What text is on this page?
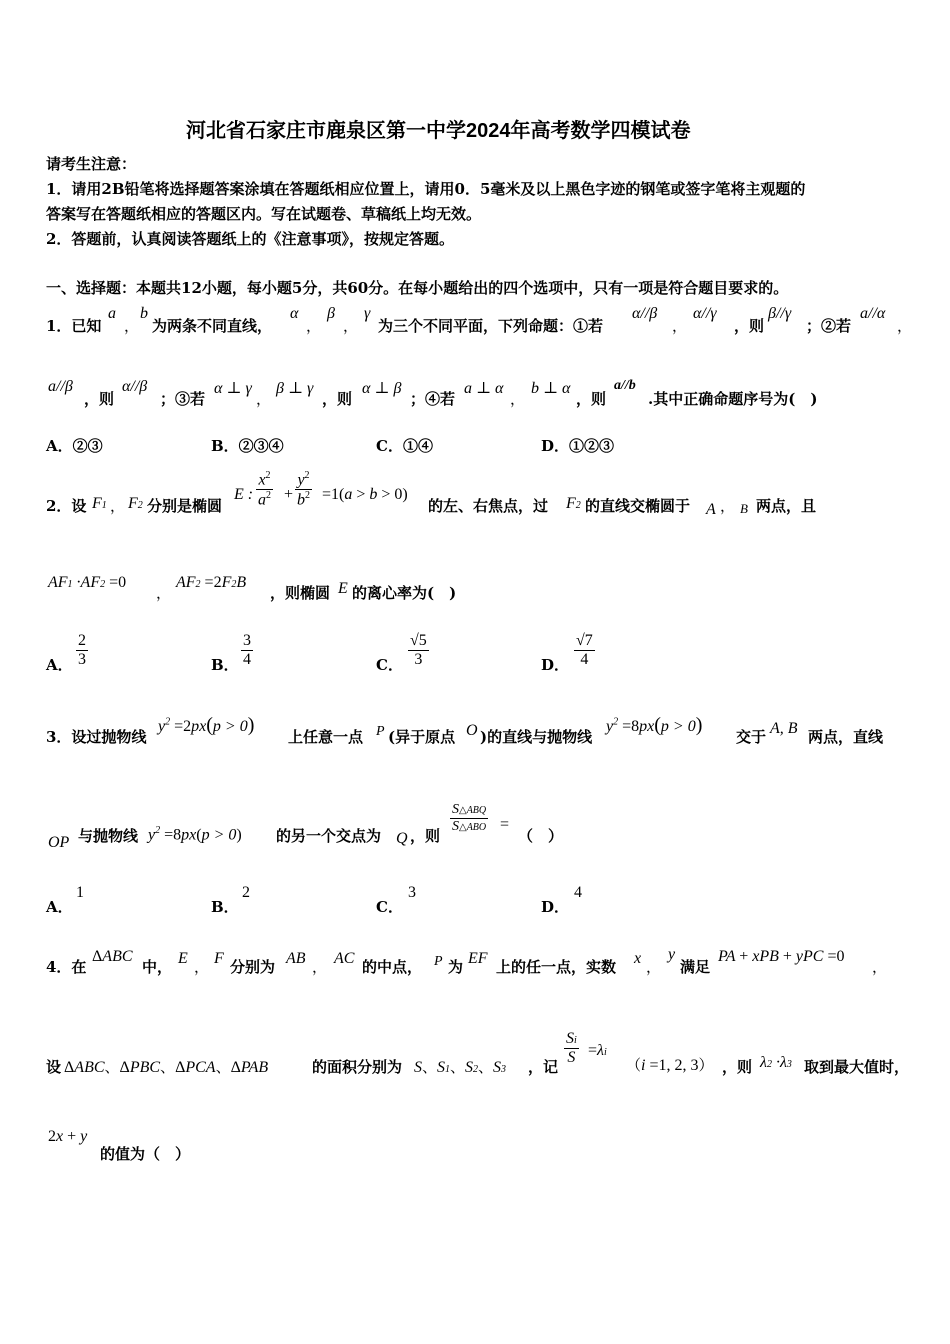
河北省石家庄市鹿泉区第一中学2024年高考数学四模试卷
请考生注意：
1．请用2B铅笔将选择题答案涂填在答题纸相应位置上，请用0．5毫米及以上黑色字迹的钢笔或签字笔将主观题的
答案写在答题纸相应的答题区内。写在试题卷、草稿纸上均无效。
2．答题前，认真阅读答题纸上的《注意事项》，按规定答题。
一、选择题：本题共12小题，每小题5分，共60分。在每小题给出的四个选项中，只有一项是符合题目要求的。
1．已知
a
，
b
为两条不同直线，
α
，
β
，
γ
为三个不同平面，下列命题：①若
α//β
，
α//γ
，则
β//γ
；②若
a//α
，
a//β
，则
α//β
；③若
α ⊥ γ
，
β ⊥ γ
，则
α ⊥ β
；④若
a ⊥ α
，
b ⊥ α
，则
a//b
.其中正确命题序号为(　)
A．②③	B．②③④	C．①④	D．①②③
2．设 F1 ， F2 分别是椭圆
E : $\frac{x^2}{a^2} + \frac{y^2}{b^2} =1(a > b > 0)$
的左、右焦点，过 F2 的直线交椭圆于 A ， B 两点，且
AF1 ·AF2 =0
，
AF2 =2F2B
，则椭圆 E 的离心率为(　)
A． $\frac{2}{3}$	B． $\frac{3}{4}$	C． $\frac{√5}{3}$	D． $\frac{√7}{4}$
3．设过抛物线
$y^2 =2px(p > 0)$
上任意一点 P (异于原点 O )的直线与抛物线
$y^2 =8px(p > 0)$
交于 A, B 两点，直线
OP 与抛物线 $y^2 =8px(p > 0)$ 的另一个交点为 Q ，则
S△ABQ
S△ABO =
（　）
A．
1
B．
2
C．
3
D．
4
4．在
ΔABC
中， E ， F 分别为 AB ， AC 的中点， P 为 EF 上的任一点，实数 x ，
y
满足
PA + xPB + yPC =0
，
设 ΔABC、ΔPBC、ΔPCA、ΔPAB	的面积分别为 S、S1、S2、S3 ，记 $\frac{Si}{S} =\lambda i$
（i =1, 2, 3） ，则 λ2 ·λ3 取到最大值时，
2x + y
的值为（　）
